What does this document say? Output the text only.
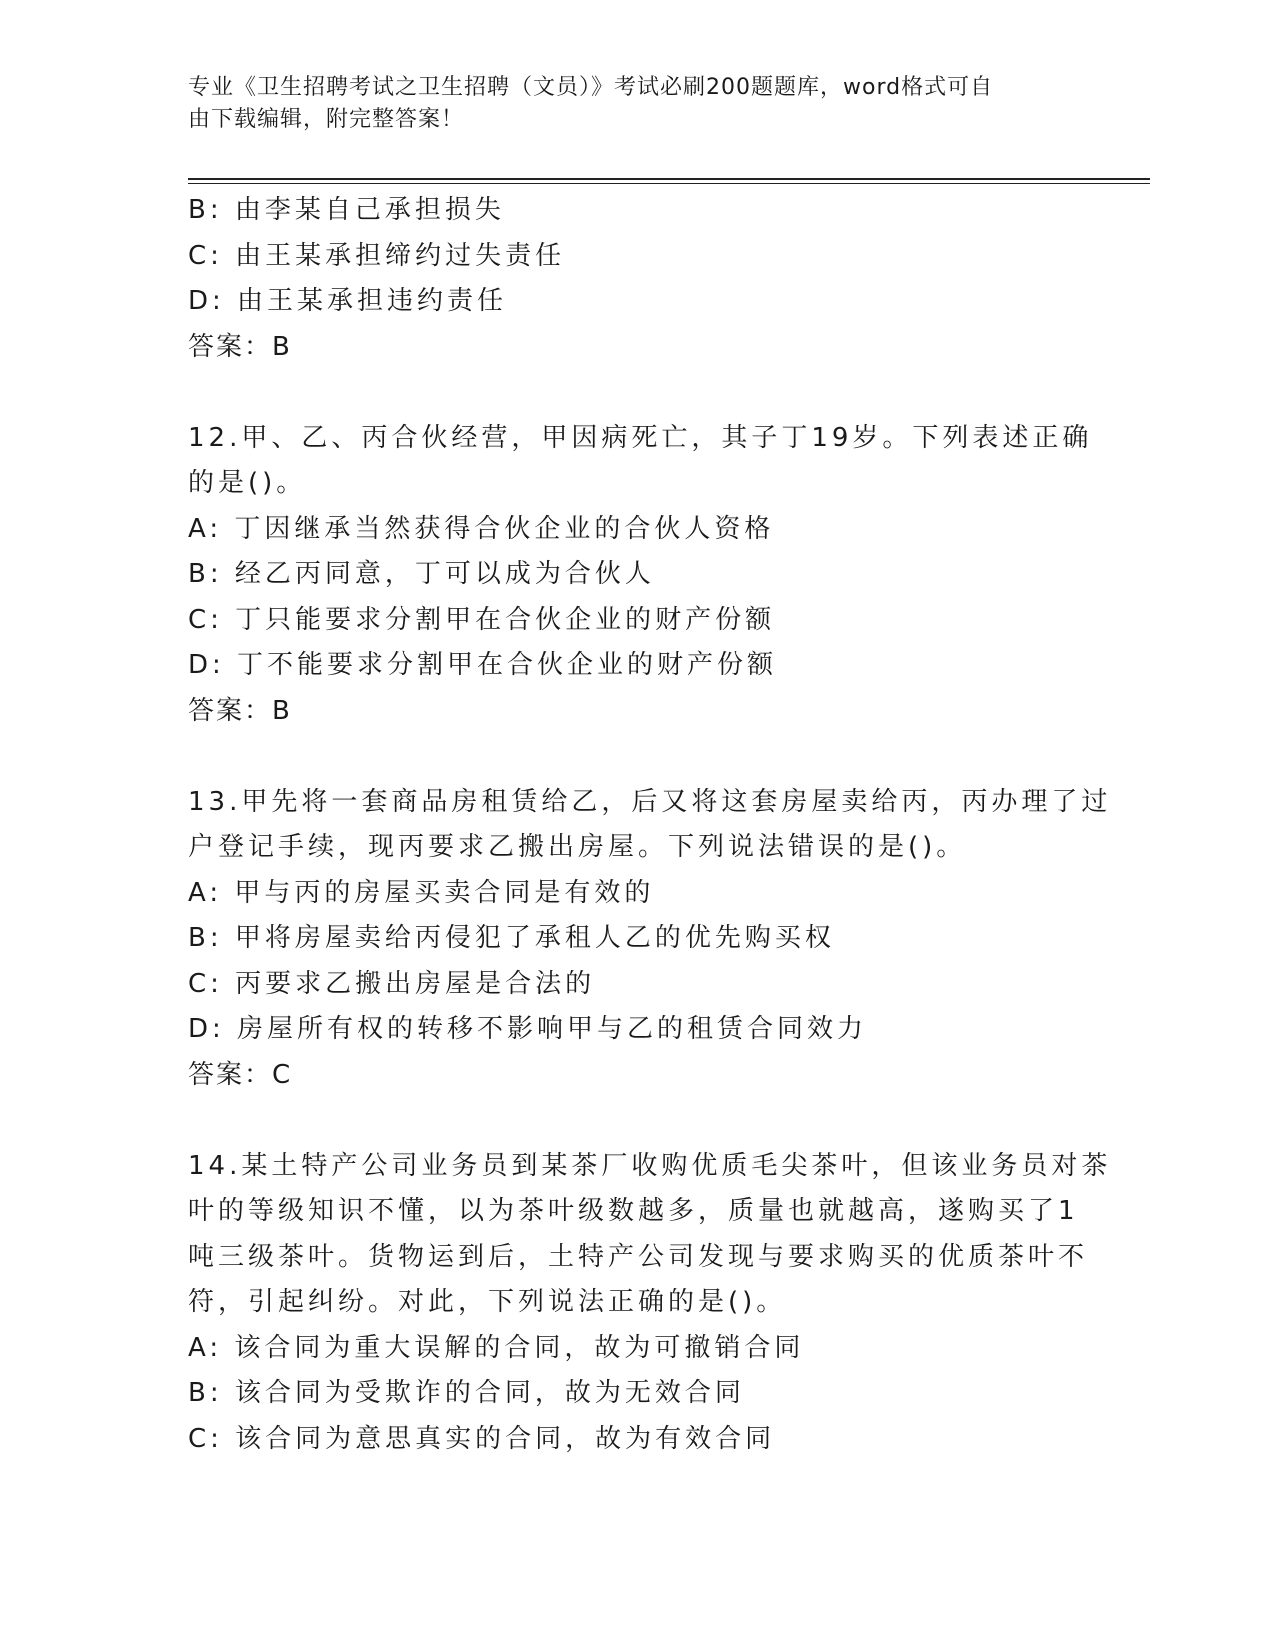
专业《卫生招聘考试之卫生招聘（文员）》考试必刷200题题库，word格式可自
由下载编辑，附完整答案！
B: 由李某自己承担损失
C: 由王某承担缔约过失责任
D: 由王某承担违约责任
答案：B
12.甲、乙、丙合伙经营，甲因病死亡，其子丁19岁。下列表述正确
的是()。
A: 丁因继承当然获得合伙企业的合伙人资格
B: 经乙丙同意，丁可以成为合伙人
C: 丁只能要求分割甲在合伙企业的财产份额
D: 丁不能要求分割甲在合伙企业的财产份额
答案：B
13.甲先将一套商品房租赁给乙，后又将这套房屋卖给丙，丙办理了过
户登记手续，现丙要求乙搬出房屋。下列说法错误的是()。
A: 甲与丙的房屋买卖合同是有效的
B: 甲将房屋卖给丙侵犯了承租人乙的优先购买权
C: 丙要求乙搬出房屋是合法的
D: 房屋所有权的转移不影响甲与乙的租赁合同效力
答案：C
14.某土特产公司业务员到某茶厂收购优质毛尖茶叶，但该业务员对茶
叶的等级知识不懂，以为茶叶级数越多，质量也就越高，遂购买了1
吨三级茶叶。货物运到后，土特产公司发现与要求购买的优质茶叶不
符，引起纠纷。对此，下列说法正确的是()。
A: 该合同为重大误解的合同，故为可撤销合同
B: 该合同为受欺诈的合同，故为无效合同
C: 该合同为意思真实的合同，故为有效合同
